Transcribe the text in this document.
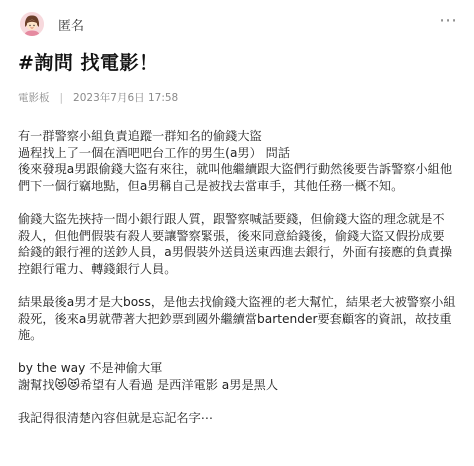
匿名	⋯
#詢問 找電影！
電影板 | 2023年7月6日 17:58

有一群警察小組負責追蹤一群知名的偷錢大盜

過程找上了一個在酒吧吧台工作的男生(a男） 問話

後來發現a男跟偷錢大盜有來往，就叫他繼續跟大盜們行動然後要告訴警察小組他

們下一個行竊地點，但a男稱自己是被找去當車手，其他任務一概不知。

偷錢大盜先挾持一間小銀行跟人質，跟警察喊話要錢，但偷錢大盜的理念就是不

殺人，但他們假裝有殺人要讓警察緊張，後來同意給錢後，偷錢大盜又假扮成要

給錢的銀行裡的送鈔人員，a男假裝外送員送東西進去銀行，外面有接應的負責操

控銀行電力、轉錢銀行人員。

結果最後a男才是大boss，是他去找偷錢大盜裡的老大幫忙，結果老大被警察小組

殺死，後來a男就帶著大把鈔票到國外繼續當bartender要套顧客的資訊，故技重

施。

by the way 不是神偷大軍

謝幫找😻😻希望有人看過 是西洋電影 a男是黑人

我記得很清楚內容但就是忘記名字⋯
